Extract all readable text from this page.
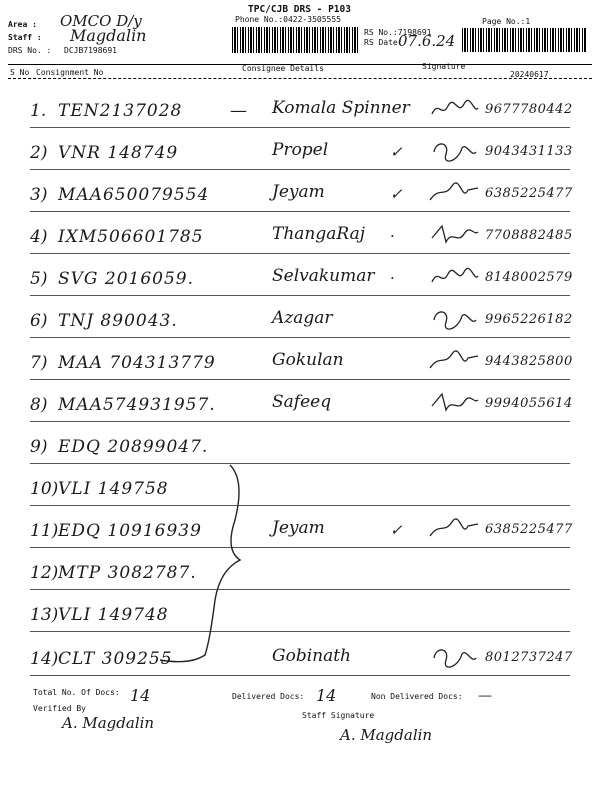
TPC/CJB DRS - P103
Phone No.:0422-3505555
Area : OMCO D/y
Staff : Magdalin
DRS No. : DCJB7198691
RS No.:7198691
RS Date:
07.6.24
Page No.:1
S No Consignment No	Consignee Details	Signature
20240617
1. TEN2137028	— Komala Spinner	9677780442
2) VNR 148749	Propel	✓	9043431133
3) MAA650079554	Jeyam	✓	6385225477
4) IXM506601785	ThangaRaj ·	7708882485
5) SVG 2016059.	Selvakumar ·	8148002579
6) TNJ 890043.	Azagar	9965226182
7) MAA 704313779	Gokulan	9443825800
8) MAA574931957.	Safeeq	9994055614
9) EDQ 20899047.
10) VLI 149758
11) EDQ 10916939	Jeyam	✓	6385225477
12) MTP 3082787.
13) VLI 149748
14) CLT 309255	Gobinath	8012737247
Total No. Of Docs: 14	Delivered Docs: 14	Non Delivered Docs: —
Verified By
A. Magdalin	Staff Signature
A. Magdalin
